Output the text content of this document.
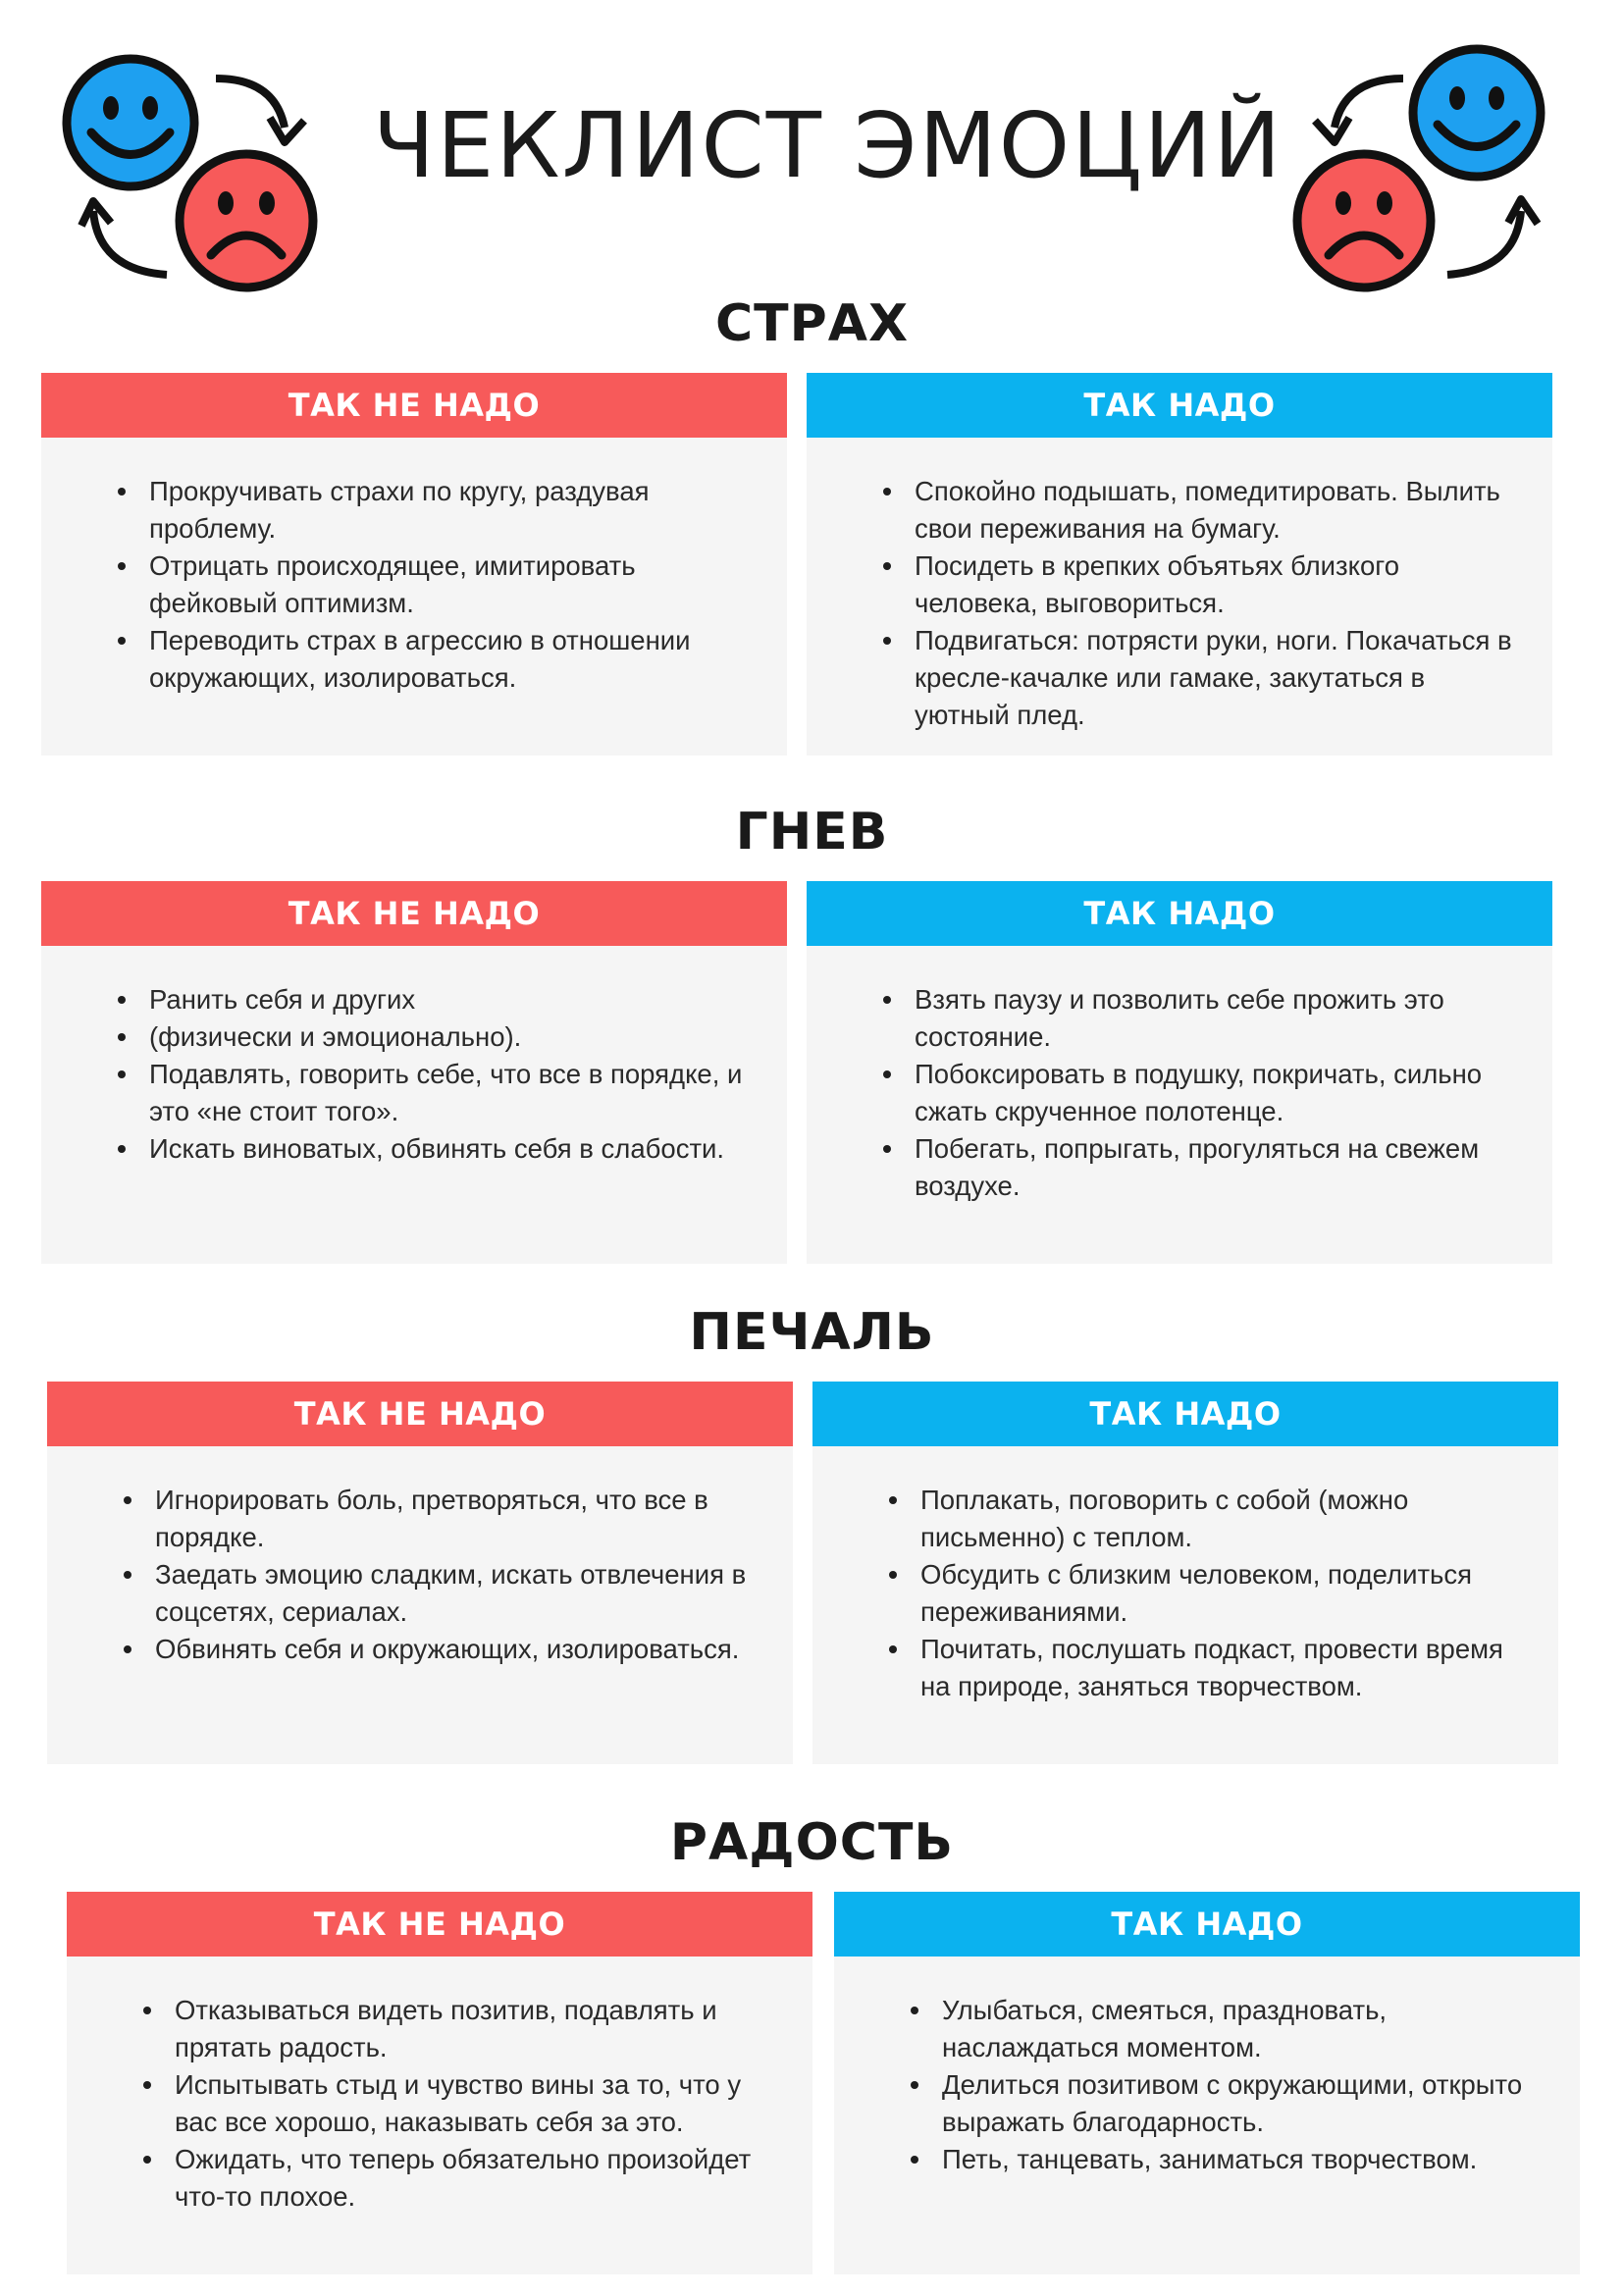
ЧЕКЛИСТ ЭМОЦИЙ
СТРАХ
ТАК НЕ НАДО
Прокручивать страхи по кругу, раздувая проблему.
Отрицать происходящее, имитировать фейковый оптимизм.
Переводить страх в агрессию в отношении окружающих, изолироваться.
ТАК НАДО
Спокойно подышать, помедитировать. Вылить свои переживания на бумагу.
Посидеть в крепких объятьях близкого человека, выговориться.
Подвигаться: потрясти руки, ноги. Покачаться в кресле-качалке или гамаке, закутаться в уютный плед.
ГНЕВ
ТАК НЕ НАДО
Ранить себя и других
(физически и эмоционально).
Подавлять, говорить себе, что все в порядке, и это «не стоит того».
Искать виноватых, обвинять себя в слабости.
ТАК НАДО
Взять паузу и позволить себе прожить это состояние.
Побоксировать в подушку, покричать, сильно сжать скрученное полотенце.
Побегать, попрыгать, прогуляться на свежем воздухе.
ПЕЧАЛЬ
ТАК НЕ НАДО
Игнорировать боль, претворяться, что все в порядке.
Заедать эмоцию сладким, искать отвлечения в соцсетях, сериалах.
Обвинять себя и окружающих, изолироваться.
ТАК НАДО
Поплакать, поговорить с собой (можно письменно) с теплом.
Обсудить с близким человеком, поделиться переживаниями.
Почитать, послушать подкаст, провести время на природе, заняться творчеством.
РАДОСТЬ
ТАК НЕ НАДО
Отказываться видеть позитив, подавлять и прятать радость.
Испытывать стыд и чувство вины за то, что у вас все хорошо, наказывать себя за это.
Ожидать, что теперь обязательно произойдет что-то плохое.
ТАК НАДО
Улыбаться, смеяться, праздновать, наслаждаться моментом.
Делиться позитивом с окружающими, открыто выражать благодарность.
Петь, танцевать, заниматься творчеством.
